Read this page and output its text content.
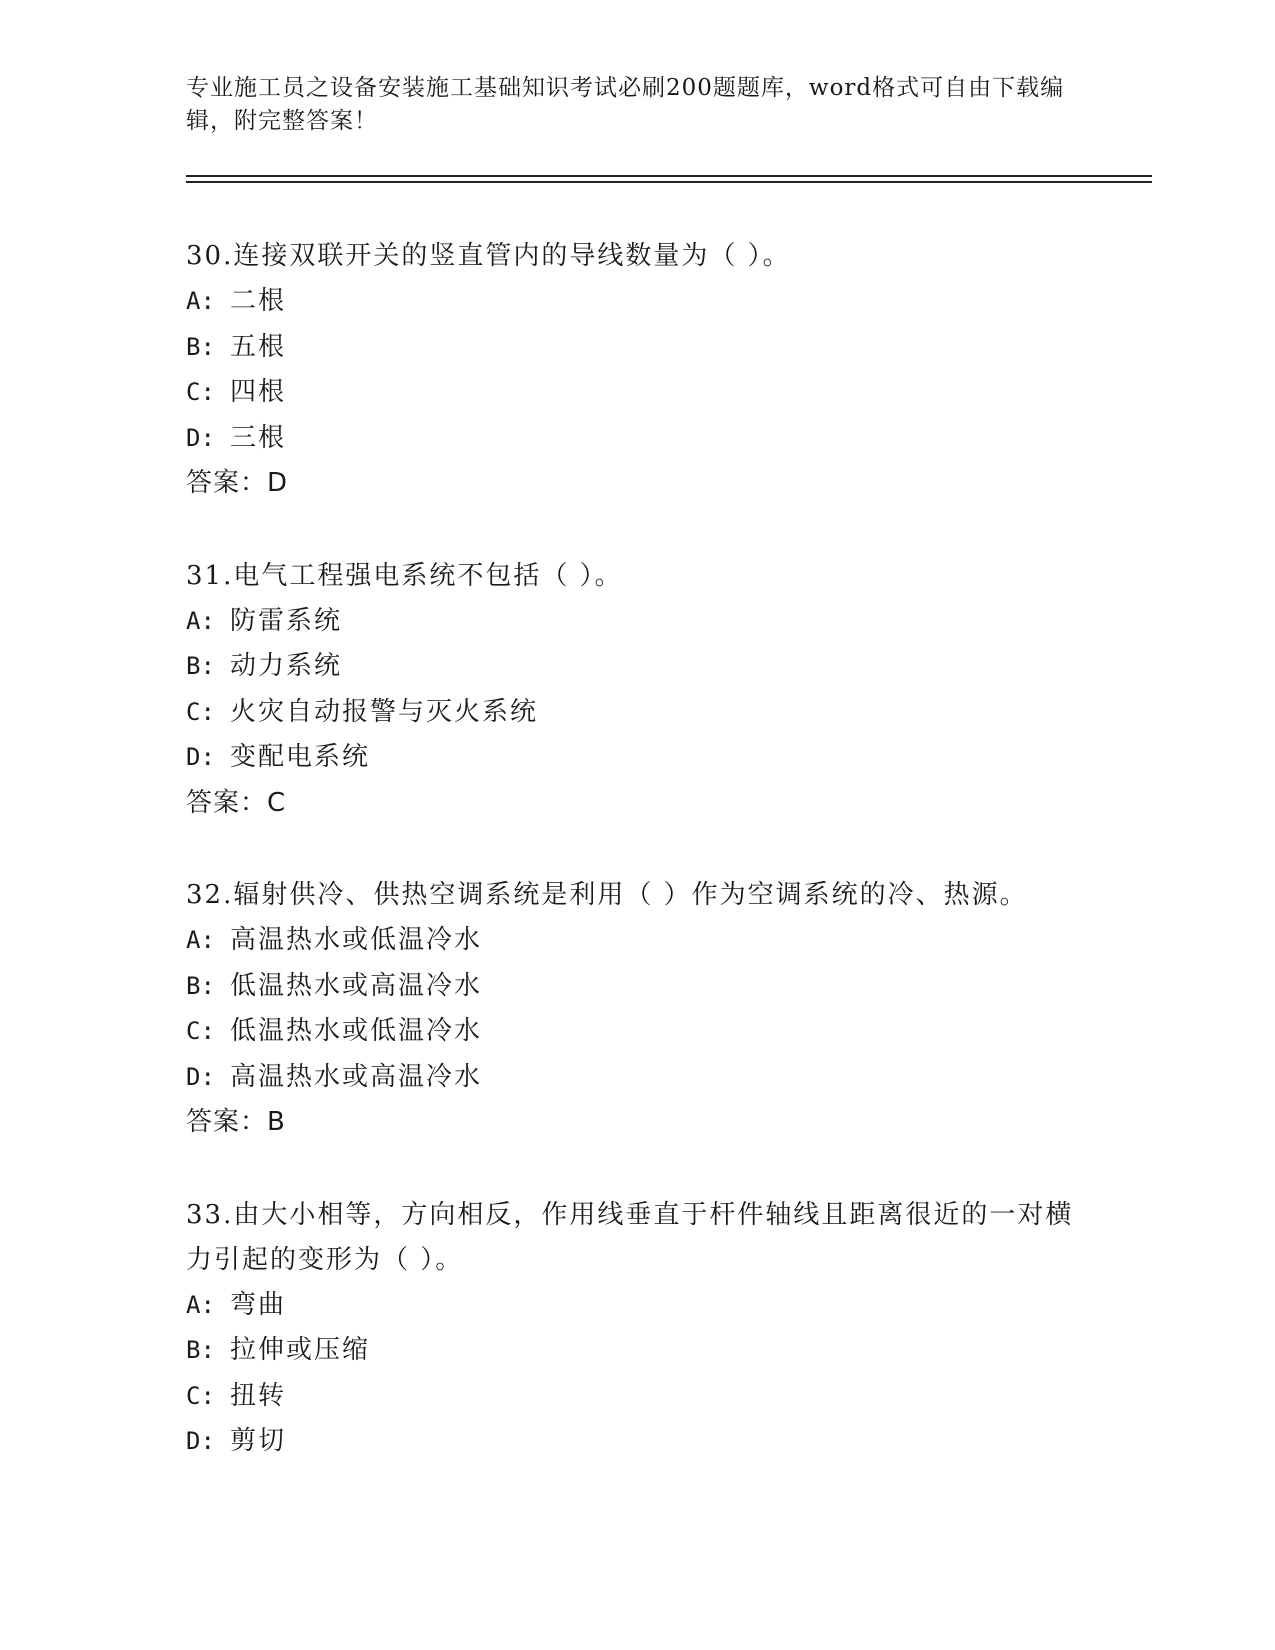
专业施工员之设备安装施工基础知识考试必刷200题题库，word格式可自由下载编辑，附完整答案！

30.连接双联开关的竖直管内的导线数量为（ ）。

A: 二根

B: 五根

C: 四根

D: 三根

答案：D

31.电气工程强电系统不包括（ ）。

A: 防雷系统

B: 动力系统

C: 火灾自动报警与灭火系统

D: 变配电系统

答案：C

32.辐射供冷、供热空调系统是利用（ ）作为空调系统的冷、热源。

A: 高温热水或低温冷水

B: 低温热水或高温冷水

C: 低温热水或低温冷水

D: 高温热水或高温冷水

答案：B

33.由大小相等，方向相反，作用线垂直于杆件轴线且距离很近的一对横力引起的变形为（ ）。

A: 弯曲

B: 拉伸或压缩

C: 扭转

D: 剪切
